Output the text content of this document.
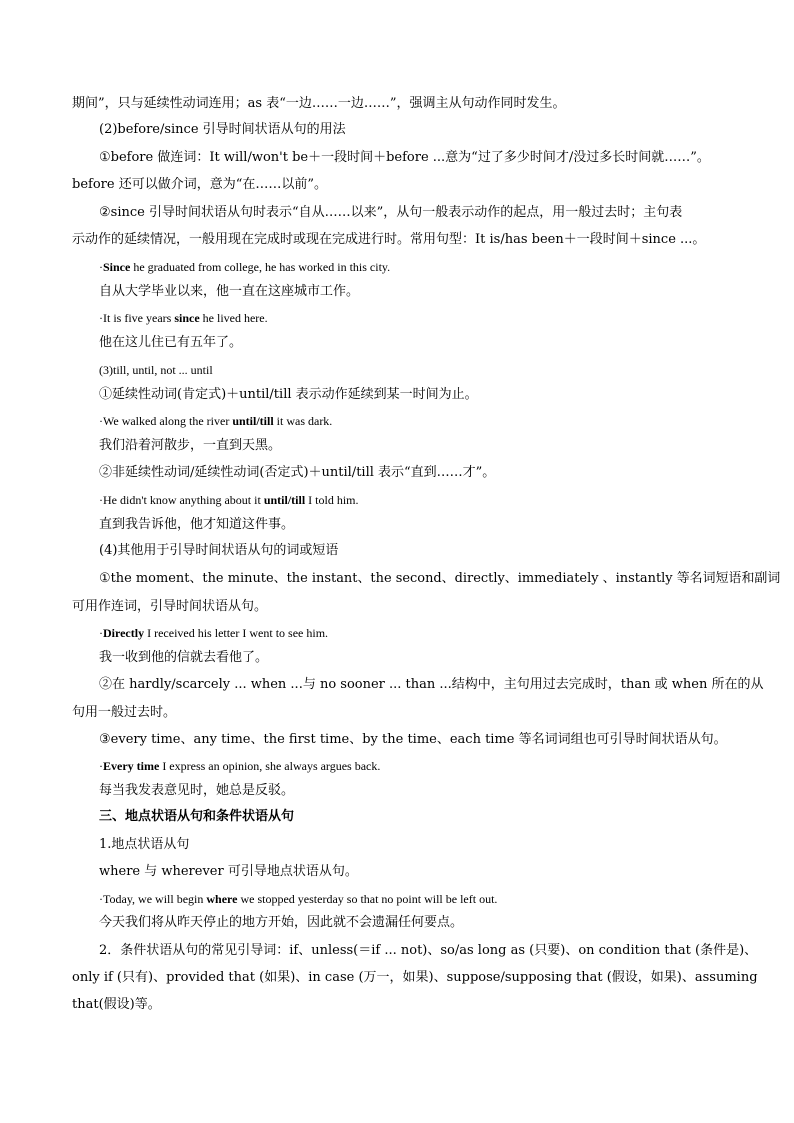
期间”，只与延续性动词连用；as 表“一边……一边……”，强调主从句动作同时发生。
(2)before/since 引导时间状语从句的用法
①before 做连词：It will/won't be＋一段时间＋before ...意为“过了多少时间才/没过多长时间就……”。
before 还可以做介词，意为“在……以前”。
②since 引导时间状语从句时表示“自从……以来”，从句一般表示动作的起点，用一般过去时；主句表
示动作的延续情况，一般用现在完成时或现在完成进行时。常用句型：It is/has been＋一段时间＋since ...。
·Since he graduated from college, he has worked in this city.
自从大学毕业以来，他一直在这座城市工作。
·It is five years since he lived here.
他在这儿住已有五年了。
(3)till, until, not ... until
①延续性动词(肯定式)＋until/till 表示动作延续到某一时间为止。
·We walked along the river until/till it was dark.
我们沿着河散步，一直到天黑。
②非延续性动词/延续性动词(否定式)＋until/till 表示“直到……才”。
·He didn't know anything about it until/till I told him.
直到我告诉他，他才知道这件事。
(4)其他用于引导时间状语从句的词或短语
①the moment、the minute、the instant、the second、directly、immediately 、instantly 等名词短语和副词
可用作连词，引导时间状语从句。
·Directly I received his letter I went to see him.
我一收到他的信就去看他了。
②在 hardly/scarcely ... when ...与 no sooner ... than ...结构中，主句用过去完成时，than 或 when 所在的从
句用一般过去时。
③every time、any time、the first time、by the time、each time 等名词词组也可引导时间状语从句。
·Every time I express an opinion, she always argues back.
每当我发表意见时，她总是反驳。
三、地点状语从句和条件状语从句
1.地点状语从句
where 与 wherever 可引导地点状语从句。
·Today, we will begin where we stopped yesterday so that no point will be left out.
今天我们将从昨天停止的地方开始，因此就不会遗漏任何要点。
2．条件状语从句的常见引导词：if、unless(＝if ... not)、so/as long as (只要)、on condition that (条件是)、
only if (只有)、provided that (如果)、in case (万一，如果)、suppose/supposing that (假设，如果)、assuming
that(假设)等。
